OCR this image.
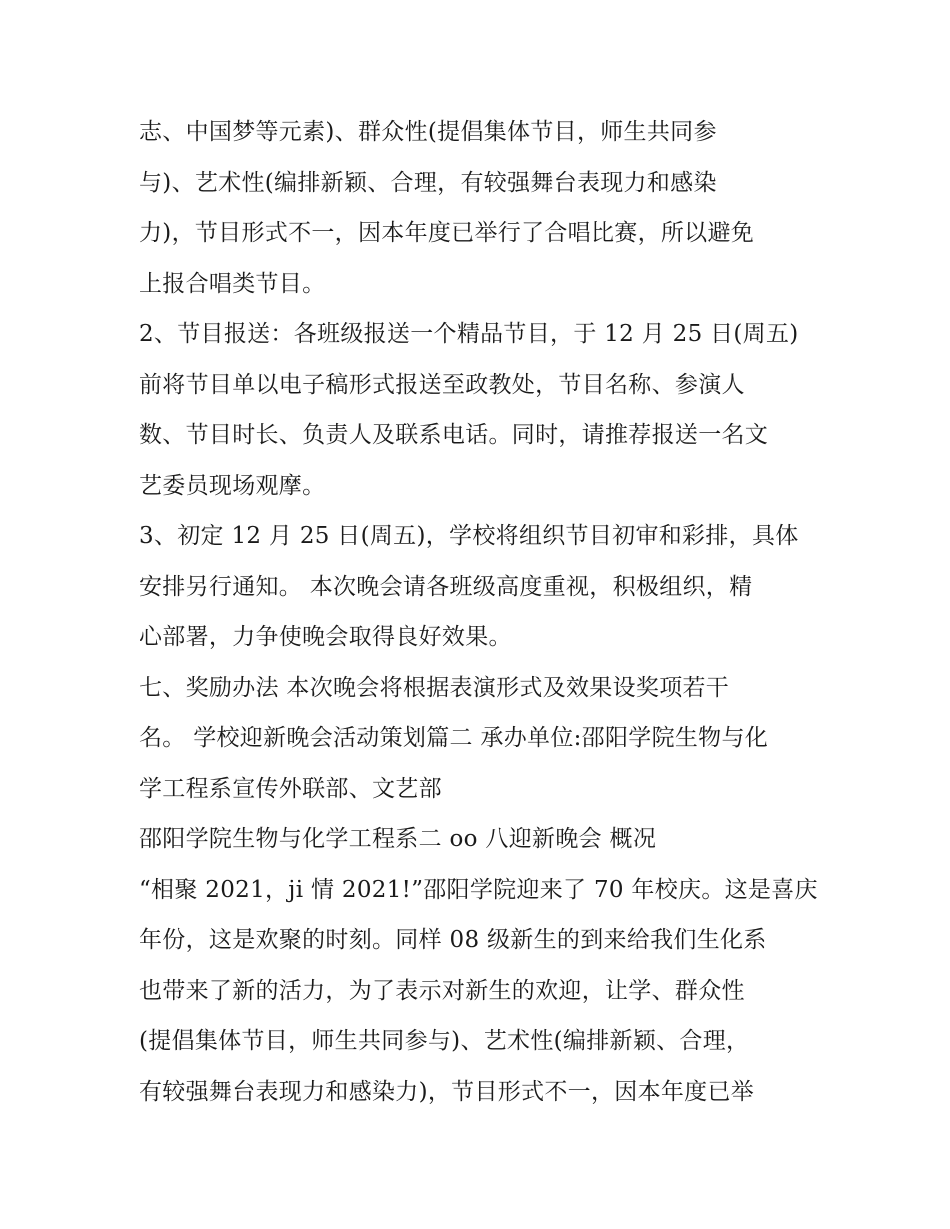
志、中国梦等元素)、群众性(提倡集体节目，师生共同参
与)、艺术性(编排新颖、合理，有较强舞台表现力和感染
力)，节目形式不一，因本年度已举行了合唱比赛，所以避免
上报合唱类节目。
2、节目报送：各班级报送一个精品节目，于 12 月 25 日(周五)
前将节目单以电子稿形式报送至政教处，节目名称、参演人
数、节目时长、负责人及联系电话。同时，请推荐报送一名文
艺委员现场观摩。
3、初定 12 月 25 日(周五)，学校将组织节目初审和彩排，具体
安排另行通知。 本次晚会请各班级高度重视，积极组织，精
心部署，力争使晚会取得良好效果。
七、奖励办法 本次晚会将根据表演形式及效果设奖项若干
名。 学校迎新晚会活动策划篇二 承办单位:邵阳学院生物与化
学工程系宣传外联部、文艺部
邵阳学院生物与化学工程系二 oo 八迎新晚会 概况
“相聚 2021，ji 情 2021!”邵阳学院迎来了 70 年校庆。这是喜庆
年份，这是欢聚的时刻。同样 08 级新生的到来给我们生化系
也带来了新的活力，为了表示对新生的欢迎，让学、群众性
(提倡集体节目，师生共同参与)、艺术性(编排新颖、合理，
有较强舞台表现力和感染力)，节目形式不一，因本年度已举
